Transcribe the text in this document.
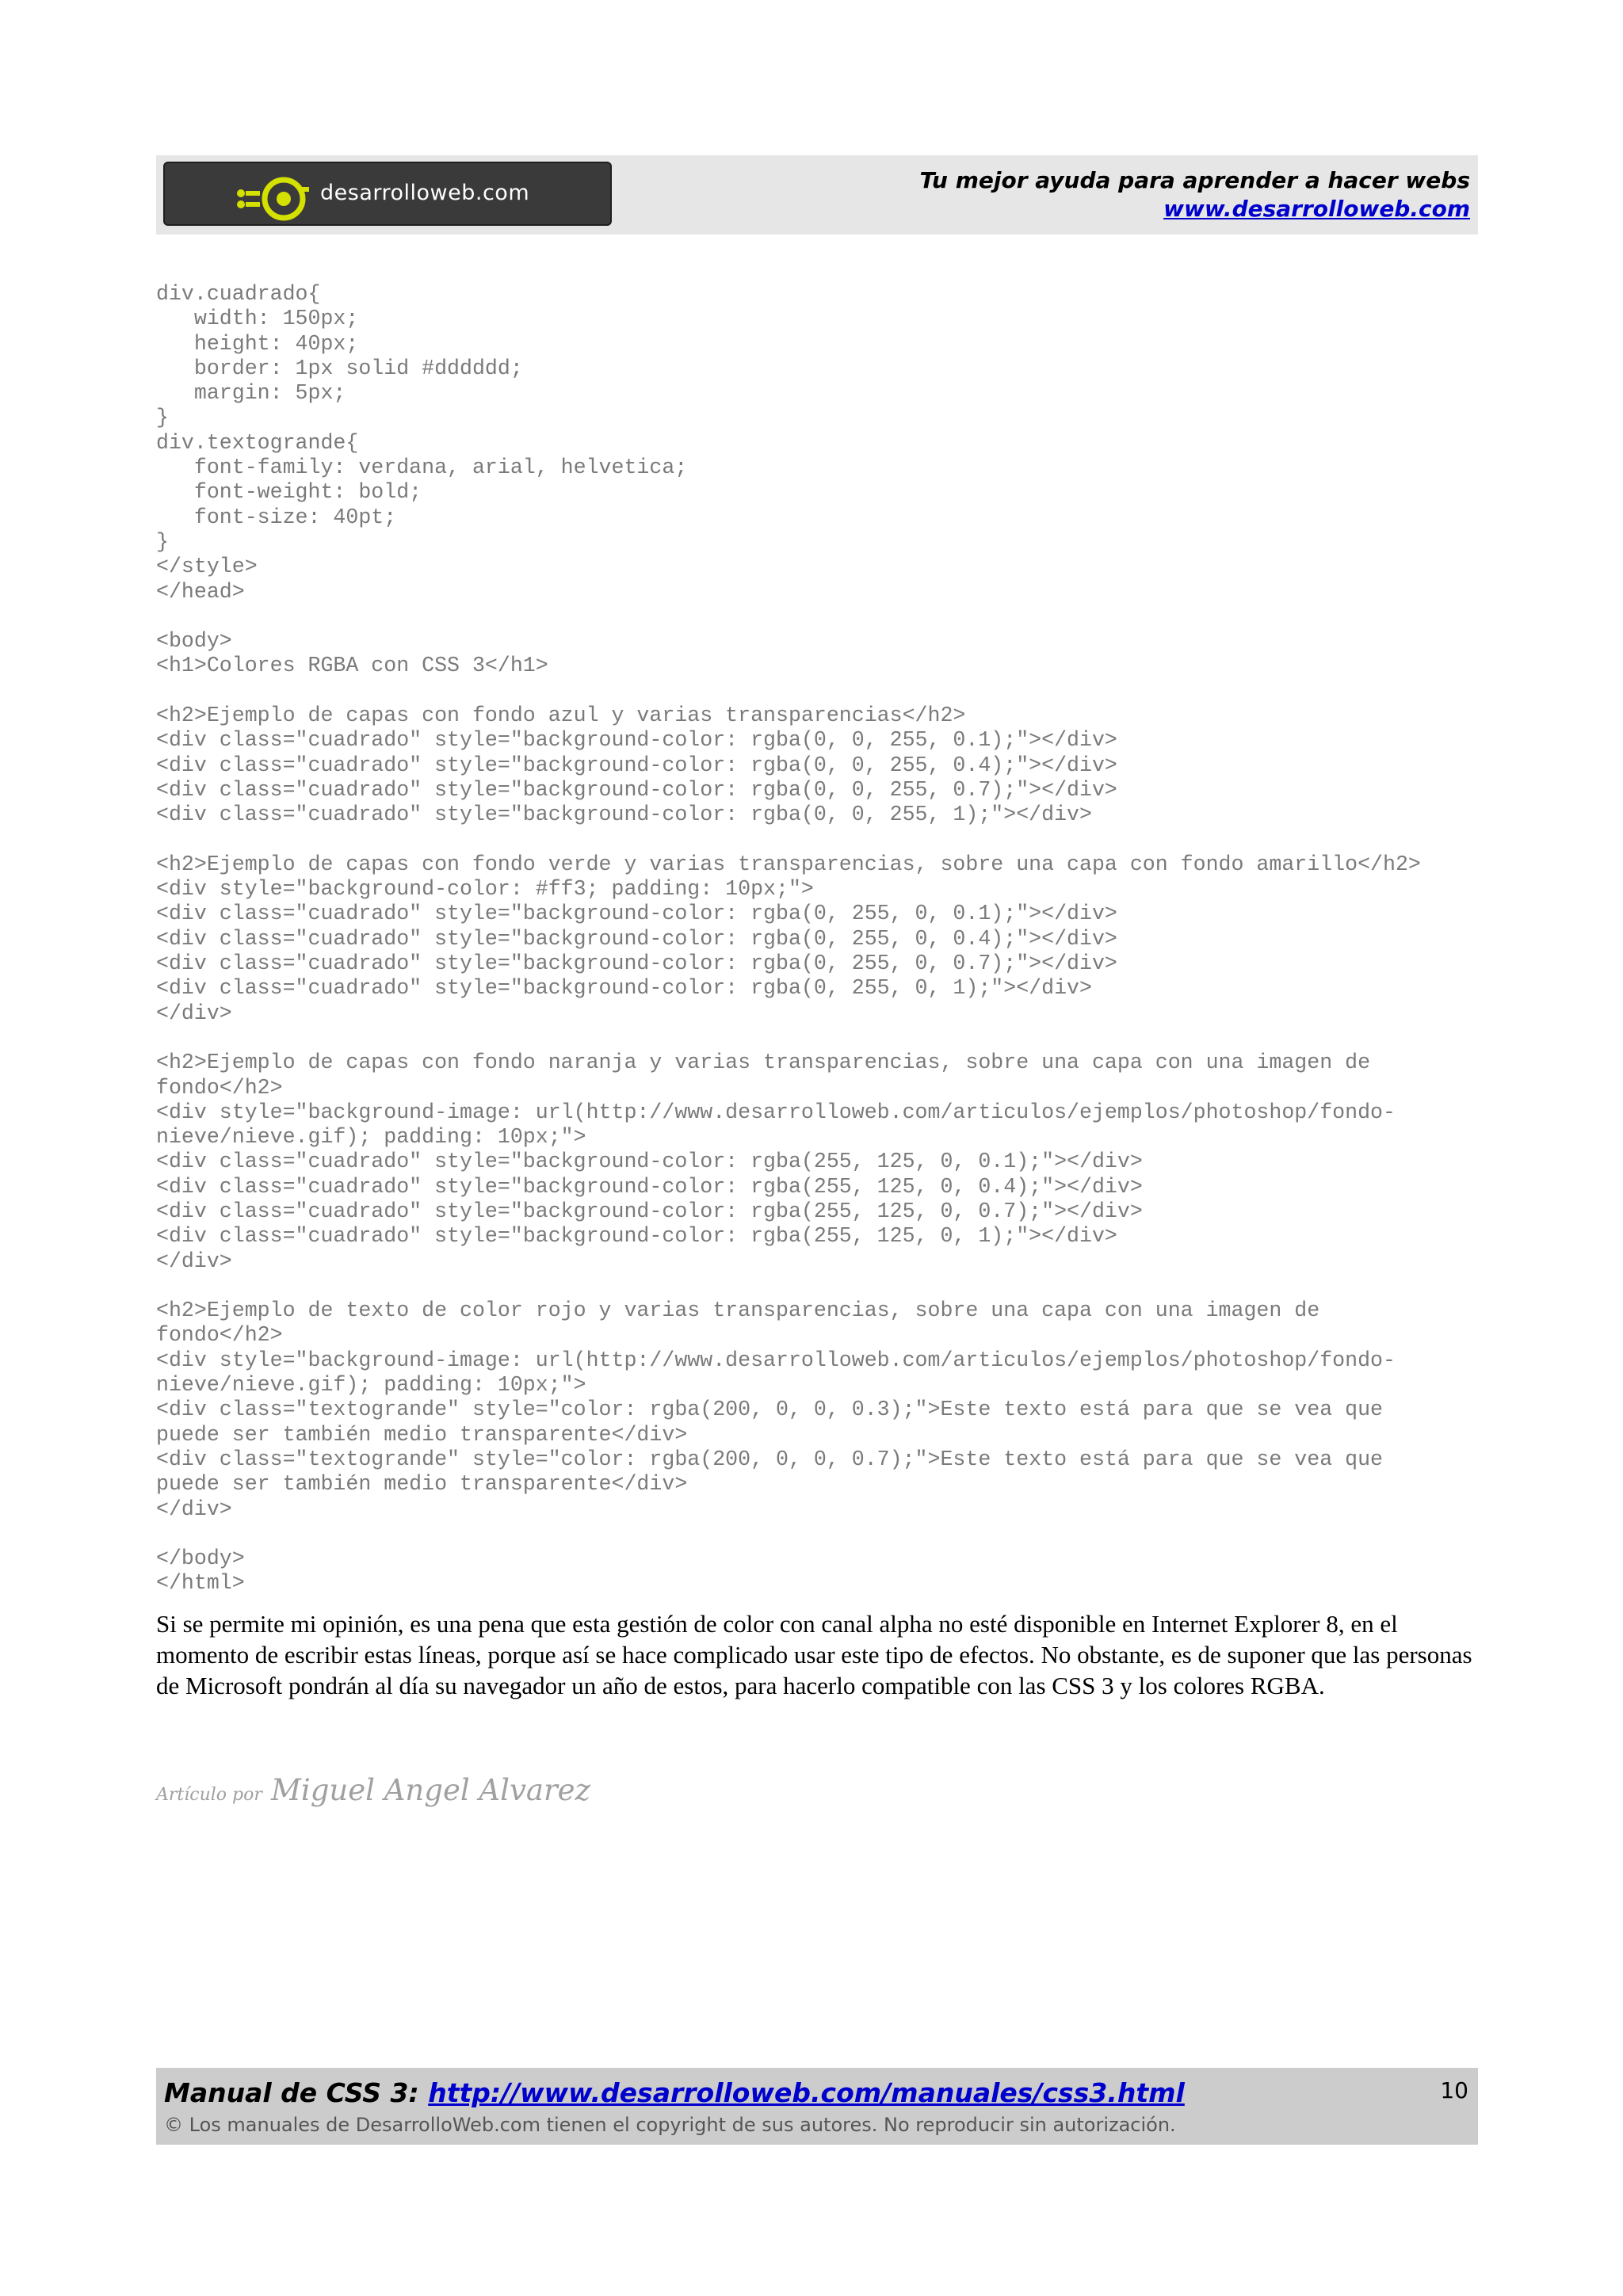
desarrolloweb.com	Tu mejor ayuda para aprender a hacer webs
www.desarrolloweb.com
div.cuadrado{
width: 150px;
height: 40px;
border: 1px solid #dddddd;
margin: 5px;
}
div.textogrande{
font-family: verdana, arial, helvetica;
font-weight: bold;
font-size: 40pt;
}
</style>
</head>

<body>
<h1>Colores RGBA con CSS 3</h1>

<h2>Ejemplo de capas con fondo azul y varias transparencias</h2>
<div class="cuadrado" style="background-color: rgba(0, 0, 255, 0.1);"></div>
<div class="cuadrado" style="background-color: rgba(0, 0, 255, 0.4);"></div>
<div class="cuadrado" style="background-color: rgba(0, 0, 255, 0.7);"></div>
<div class="cuadrado" style="background-color: rgba(0, 0, 255, 1);"></div>

<h2>Ejemplo de capas con fondo verde y varias transparencias, sobre una capa con fondo amarillo</h2>
<div style="background-color: #ff3; padding: 10px;">
<div class="cuadrado" style="background-color: rgba(0, 255, 0, 0.1);"></div>
<div class="cuadrado" style="background-color: rgba(0, 255, 0, 0.4);"></div>
<div class="cuadrado" style="background-color: rgba(0, 255, 0, 0.7);"></div>
<div class="cuadrado" style="background-color: rgba(0, 255, 0, 1);"></div>
</div>

<h2>Ejemplo de capas con fondo naranja y varias transparencias, sobre una capa con una imagen de
fondo</h2>
<div style="background-image: url(http://www.desarrolloweb.com/articulos/ejemplos/photoshop/fondo-
nieve/nieve.gif); padding: 10px;">
<div class="cuadrado" style="background-color: rgba(255, 125, 0, 0.1);"></div>
<div class="cuadrado" style="background-color: rgba(255, 125, 0, 0.4);"></div>
<div class="cuadrado" style="background-color: rgba(255, 125, 0, 0.7);"></div>
<div class="cuadrado" style="background-color: rgba(255, 125, 0, 1);"></div>
</div>

<h2>Ejemplo de texto de color rojo y varias transparencias, sobre una capa con una imagen de
fondo</h2>
<div style="background-image: url(http://www.desarrolloweb.com/articulos/ejemplos/photoshop/fondo-
nieve/nieve.gif); padding: 10px;">
<div class="textogrande" style="color: rgba(200, 0, 0, 0.3);">Este texto está para que se vea que
puede ser también medio transparente</div>
<div class="textogrande" style="color: rgba(200, 0, 0, 0.7);">Este texto está para que se vea que
puede ser también medio transparente</div>
</div>

</body>
</html>

Si se permite mi opinión, es una pena que esta gestión de color con canal alpha no esté disponible en Internet Explorer 8, en el momento de escribir estas líneas, porque así se hace complicado usar este tipo de efectos. No obstante, es de suponer que las personas de Microsoft pondrán al día su navegador un año de estos, para hacerlo compatible con las CSS 3 y los colores RGBA.

Artículo por Miguel Angel Alvarez
Manual de CSS 3: http://www.desarrolloweb.com/manuales/css3.html	10
© Los manuales de DesarrolloWeb.com tienen el copyright de sus autores. No reproducir sin autorización.
